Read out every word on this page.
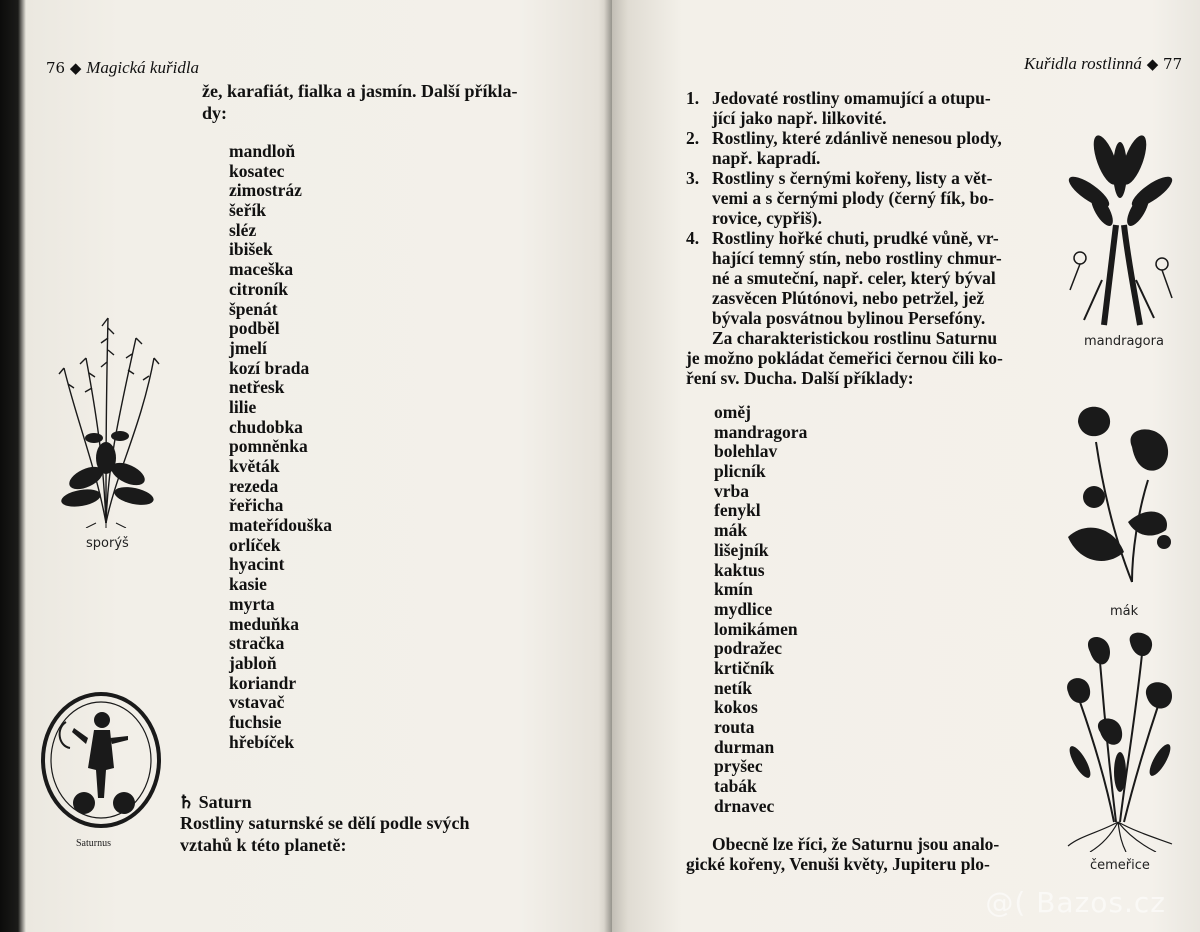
76 ◆ Magická kuřidla
že, karafiát, fialka a jasmín. Další příkla-
dy:
mandloň
kosatec
zimostráz
šeřík
sléz
ibišek
maceška
citroník
špenát
podběl
jmelí
kozí brada
netřesk
lilie
chudobka
pomněnka
květák
rezeda
řeřicha
mateřídouška
orlíček
hyacint
kasie
myrta
meduňka
stračka
jabloň
koriandr
vstavač
fuchsie
hřebíček
♄ Saturn
Rostliny saturnské se dělí podle svých
vztahů k této planetě:
sporýš
Saturnus
Kuřidla rostlinná ◆ 77
1. Jedovaté rostliny omamující a otupu-
jící jako např. lilkovité.
2. Rostliny, které zdánlivě nenesou plody,
např. kapradí.
3. Rostliny s černými kořeny, listy a vět-
vemi a s černými plody (černý fík, bo-
rovice, cypřiš).
4. Rostliny hořké chuti, prudké vůně, vr-
hající temný stín, nebo rostliny chmur-
né a smuteční, např. celer, který býval
zasvěcen Plútónovi, nebo petržel, jež
bývala posvátnou bylinou Persefóny.
Za charakteristickou rostlinu Saturnu
je možno pokládat čemeřici černou čili ko-
ření sv. Ducha. Další příklady:
oměj
mandragora
bolehlav
plicník
vrba
fenykl
mák
lišejník
kaktus
kmín
mydlice
lomikámen
podražec
krtičník
netík
kokos
routa
durman
pryšec
tabák
drnavec
Obecně lze říci, že Saturnu jsou analo-
gické kořeny, Venuši květy, Jupiteru plo-
mandragora
mák
čemeřice
@( Bazos.cz
